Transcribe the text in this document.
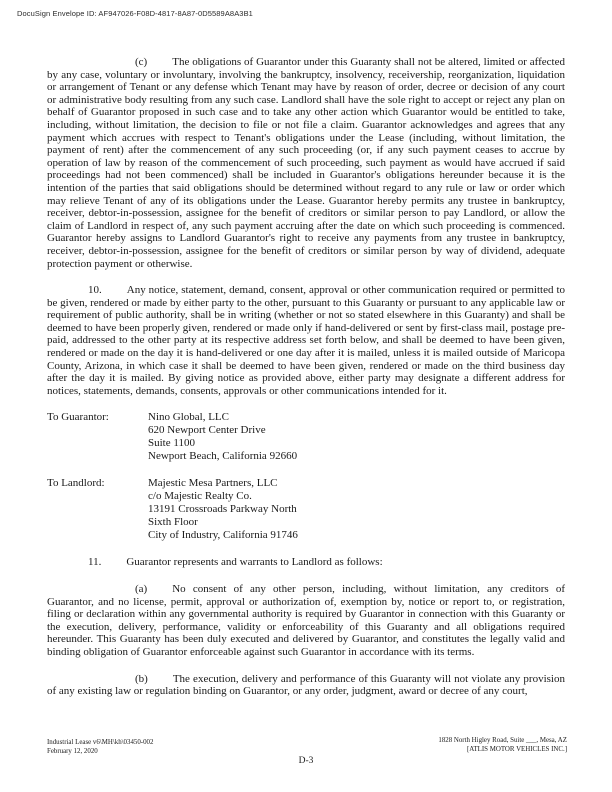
DocuSign Envelope ID: AF947026-F08D-4817-8A87-0D5589A8A3B1

(c) The obligations of Guarantor under this Guaranty shall not be altered, limited or affected by any case, voluntary or involuntary, involving the bankruptcy, insolvency, receivership, reorganization, liquidation or arrangement of Tenant or any defense which Tenant may have by reason of order, decree or decision of any court or administrative body resulting from any such case. Landlord shall have the sole right to accept or reject any plan on behalf of Guarantor proposed in such case and to take any other action which Guarantor would be entitled to take, including, without limitation, the decision to file or not file a claim. Guarantor acknowledges and agrees that any payment which accrues with respect to Tenant's obligations under the Lease (including, without limitation, the payment of rent) after the commencement of any such proceeding (or, if any such payment ceases to accrue by operation of law by reason of the commencement of such proceeding, such payment as would have accrued if said proceedings had not been commenced) shall be included in Guarantor's obligations hereunder because it is the intention of the parties that said obligations should be determined without regard to any rule or law or order which may relieve Tenant of any of its obligations under the Lease. Guarantor hereby permits any trustee in bankruptcy, receiver, debtor-in-possession, assignee for the benefit of creditors or similar person to pay Landlord, or allow the claim of Landlord in respect of, any such payment accruing after the date on which such proceeding is commenced. Guarantor hereby assigns to Landlord Guarantor's right to receive any payments from any trustee in bankruptcy, receiver, debtor-in-possession, assignee for the benefit of creditors or similar person by way of dividend, adequate protection payment or otherwise.

10. Any notice, statement, demand, consent, approval or other communication required or permitted to be given, rendered or made by either party to the other, pursuant to this Guaranty or pursuant to any applicable law or requirement of public authority, shall be in writing (whether or not so stated elsewhere in this Guaranty) and shall be deemed to have been properly given, rendered or made only if hand-delivered or sent by first-class mail, postage pre-paid, addressed to the other party at its respective address set forth below, and shall be deemed to have been given, rendered or made on the day it is hand-delivered or one day after it is mailed, unless it is mailed outside of Maricopa County, Arizona, in which case it shall be deemed to have been given, rendered or made on the third business day after the day it is mailed. By giving notice as provided above, either party may designate a different address for notices, statements, demands, consents, approvals or other communications intended for it.

To Guarantor:	Nino Global, LLC
620 Newport Center Drive
Suite 1100
Newport Beach, California 92660
To Landlord:	Majestic Mesa Partners, LLC
c/o Majestic Realty Co.
13191 Crossroads Parkway North
Sixth Floor
City of Industry, California 91746

11. Guarantor represents and warrants to Landlord as follows:

(a) No consent of any other person, including, without limitation, any creditors of Guarantor, and no license, permit, approval or authorization of, exemption by, notice or report to, or registration, filing or declaration within any governmental authority is required by Guarantor in connection with this Guaranty or the execution, delivery, performance, validity or enforceability of this Guaranty and all obligations required hereunder. This Guaranty has been duly executed and delivered by Guarantor, and constitutes the legally valid and binding obligation of Guarantor enforceable against such Guarantor in accordance with its terms.

(b) The execution, delivery and performance of this Guaranty will not violate any provision of any existing law or regulation binding on Guarantor, or any order, judgment, award or decree of any court,

Industrial Lease v6\MH\kh\03450-002
February 12, 2020
1828 North Higley Road, Suite ___, Mesa, AZ
[ATLIS MOTOR VEHICLES INC.]
D-3
